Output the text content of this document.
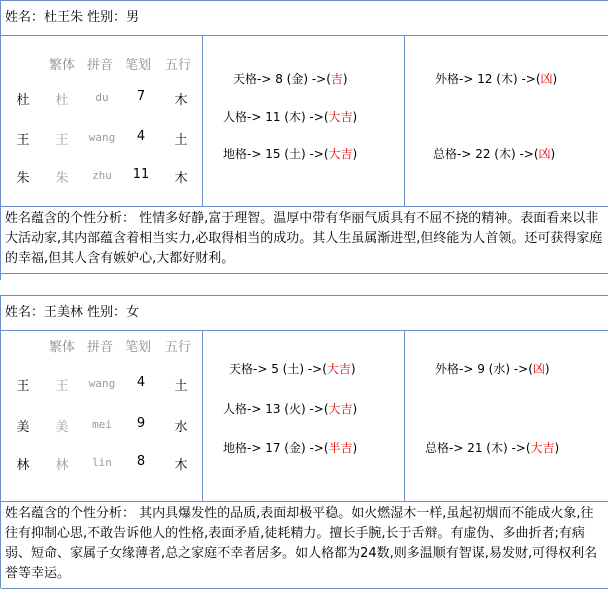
姓名：杜王朱 性别：男
繁体 拼音 笔划 五行
杜 杜	du	7	木
王 王	wang	4	土
朱 朱	zhu	11 木
天格-> 8 (金) ->(吉)
人格-> 11 (木) ->(大吉)
地格-> 15 (土) ->(大吉)
外格-> 12 (木) ->(凶)
总格-> 22 (木) ->(凶)
姓名蕴含的个性分析： 性情多好静,富于理智。温厚中带有华丽气质具有不屈不挠的精神。表面看来以非大活动家,其内部蕴含着相当实力,必取得相当的成功。其人生虽属渐进型,但终能为人首领。还可获得家庭的幸福,但其人含有嫉妒心,大都好财利。
姓名：王美林 性别：女
繁体 拼音 笔划 五行
王 王	wang	4	土
美 美	mei	9	水
林 林	lin	8	木
天格-> 5 (土) ->(大吉)
人格-> 13 (火) ->(大吉)
地格-> 17 (金) ->(半吉)
外格-> 9 (水) ->(凶)
总格-> 21 (木) ->(大吉)
姓名蕴含的个性分析： 其内具爆发性的品质,表面却极平稳。如火燃湿木一样,虽起初烟而不能成火象,往往有抑制心思,不敢告诉他人的性格,表面矛盾,徒耗精力。擅长手腕,长于舌辩。有虚伪、多曲折者;有病弱、短命、家属子女缘薄者,总之家庭不幸者居多。如人格都为24数,则多温顺有智谋,易发财,可得权利名誉等幸运。
